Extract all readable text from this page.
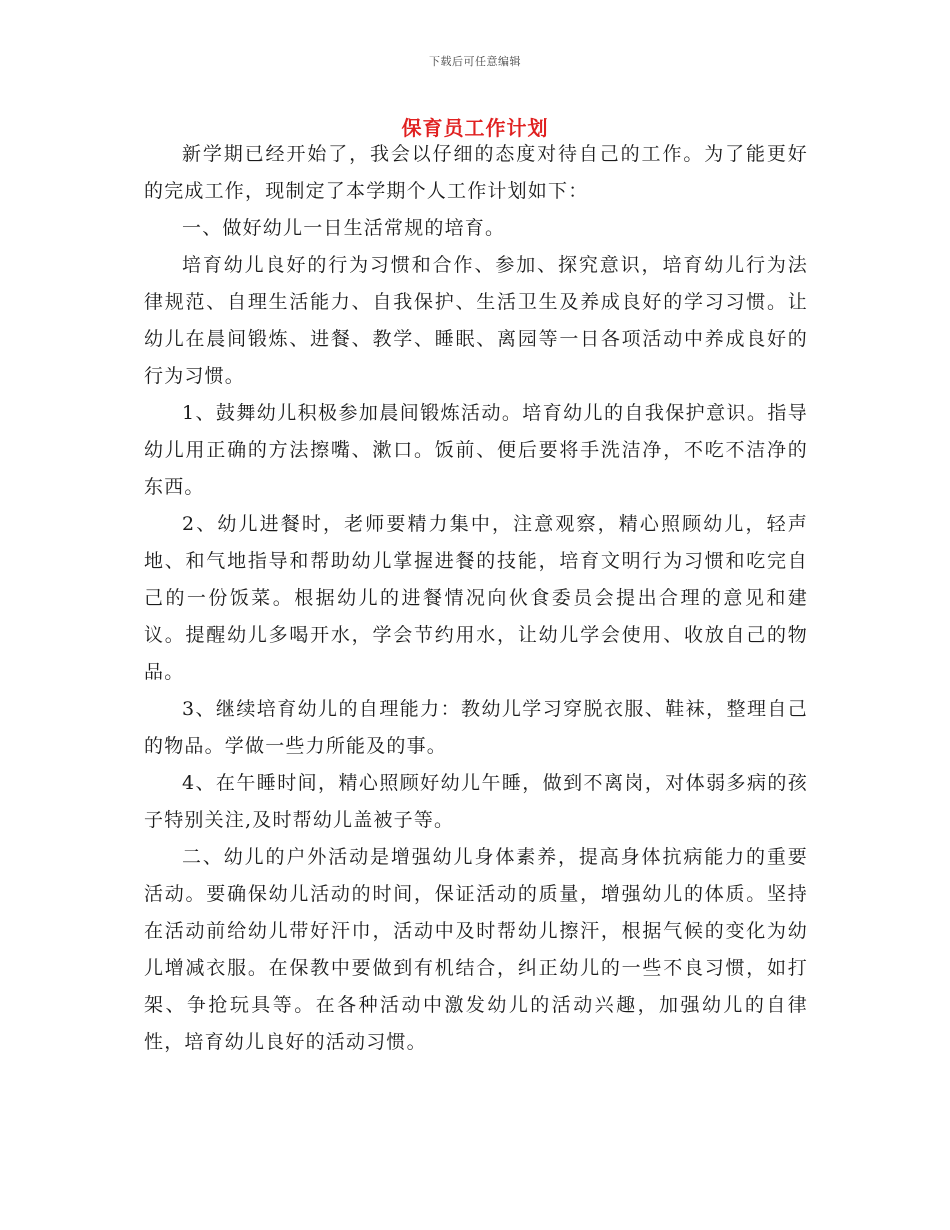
下载后可任意编辑
保育员工作计划

新学期已经开始了，我会以仔细的态度对待自己的工作。为了能更好的完成工作，现制定了本学期个人工作计划如下：

一、做好幼儿一日生活常规的培育。

培育幼儿良好的行为习惯和合作、参加、探究意识，培育幼儿行为法律规范、自理生活能力、自我保护、生活卫生及养成良好的学习习惯。让幼儿在晨间锻炼、进餐、教学、睡眠、离园等一日各项活动中养成良好的行为习惯。

1、鼓舞幼儿积极参加晨间锻炼活动。培育幼儿的自我保护意识。指导幼儿用正确的方法擦嘴、漱口。饭前、便后要将手洗洁净，不吃不洁净的东西。

2、幼儿进餐时，老师要精力集中，注意观察，精心照顾幼儿，轻声地、和气地指导和帮助幼儿掌握进餐的技能，培育文明行为习惯和吃完自己的一份饭菜。根据幼儿的进餐情况向伙食委员会提出合理的意见和建议。提醒幼儿多喝开水，学会节约用水，让幼儿学会使用、收放自己的物品。

3、继续培育幼儿的自理能力：教幼儿学习穿脱衣服、鞋袜，整理自己的物品。学做一些力所能及的事。

4、在午睡时间，精心照顾好幼儿午睡，做到不离岗，对体弱多病的孩子特别关注,及时帮幼儿盖被子等。

二、幼儿的户外活动是增强幼儿身体素养，提高身体抗病能力的重要活动。要确保幼儿活动的时间，保证活动的质量，增强幼儿的体质。坚持在活动前给幼儿带好汗巾，活动中及时帮幼儿擦汗，根据气候的变化为幼儿增减衣服。在保教中要做到有机结合，纠正幼儿的一些不良习惯，如打架、争抢玩具等。在各种活动中激发幼儿的活动兴趣，加强幼儿的自律性，培育幼儿良好的活动习惯。
